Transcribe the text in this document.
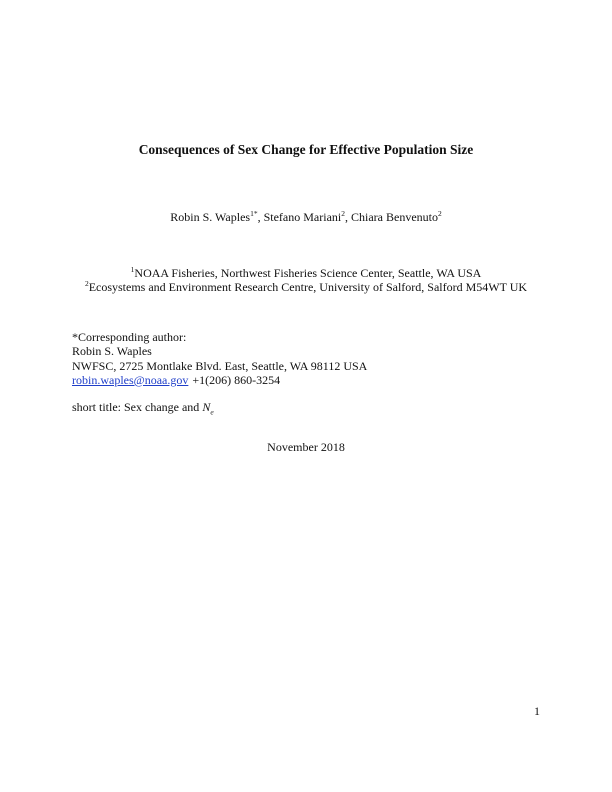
Consequences of Sex Change for Effective Population Size
Robin S. Waples$^{1*}$, Stefano Mariani$^2$, Chiara Benvenuto$^2$
$^1$NOAA Fisheries, Northwest Fisheries Science Center, Seattle, WA USA
$^2$Ecosystems and Environment Research Centre, University of Salford, Salford M54WT UK
*Corresponding author:
Robin S. Waples
NWFSC, 2725 Montlake Blvd. East, Seattle, WA 98112 USA
robin.waples@noaa.gov +1(206) 860-3254
short title: Sex change and $N_e$
November 2018
1
